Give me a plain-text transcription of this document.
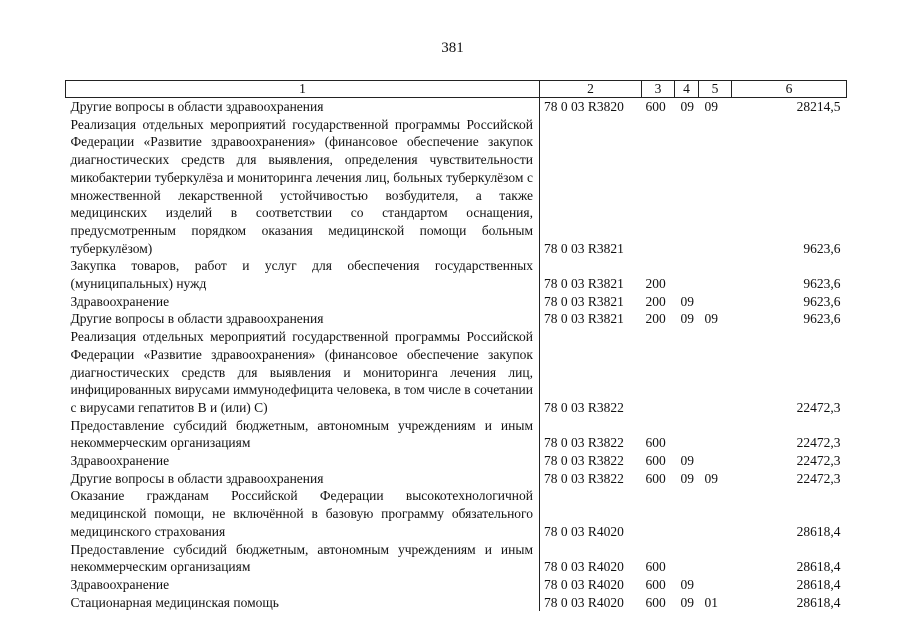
381
1	2	3	4	5	6
Другие вопросы в области здравоохранения	78 0 03 R3820	600	09	09	28214,5
Реализация отдельных мероприятий государственной программы Российской Федерации «Развитие здравоохранения» (финансовое обеспечение закупок диагностических средств для выявления, определения чувствительности микобактерии туберкулёза и мониторинга лечения лиц, больных туберкулёзом с множественной лекарственной устойчивостью возбудителя, а также медицинских изделий в соответствии со стандартом оснащения, предусмотренным порядком оказания медицинской помощи больным туберкулёзом)	78 0 03 R3821				9623,6
Закупка товаров, работ и услуг для обеспечения государственных (муниципальных) нужд	78 0 03 R3821	200			9623,6
Здравоохранение	78 0 03 R3821	200	09		9623,6
Другие вопросы в области здравоохранения	78 0 03 R3821	200	09	09	9623,6
Реализация отдельных мероприятий государственной программы Российской Федерации «Развитие здравоохранения» (финансовое обеспечение закупок диагностических средств для выявления и мониторинга лечения лиц, инфицированных вирусами иммунодефицита человека, в том числе в сочетании с вирусами гепатитов B и (или) C)	78 0 03 R3822				22472,3
Предоставление субсидий бюджетным, автономным учреждениям и иным некоммерческим организациям	78 0 03 R3822	600			22472,3
Здравоохранение	78 0 03 R3822	600	09		22472,3
Другие вопросы в области здравоохранения	78 0 03 R3822	600	09	09	22472,3
Оказание гражданам Российской Федерации высокотехнологичной медицинской помощи, не включённой в базовую программу обязательного медицинского страхования	78 0 03 R4020				28618,4
Предоставление субсидий бюджетным, автономным учреждениям и иным некоммерческим организациям	78 0 03 R4020	600			28618,4
Здравоохранение	78 0 03 R4020	600	09		28618,4
Стационарная медицинская помощь	78 0 03 R4020	600	09	01	28618,4
